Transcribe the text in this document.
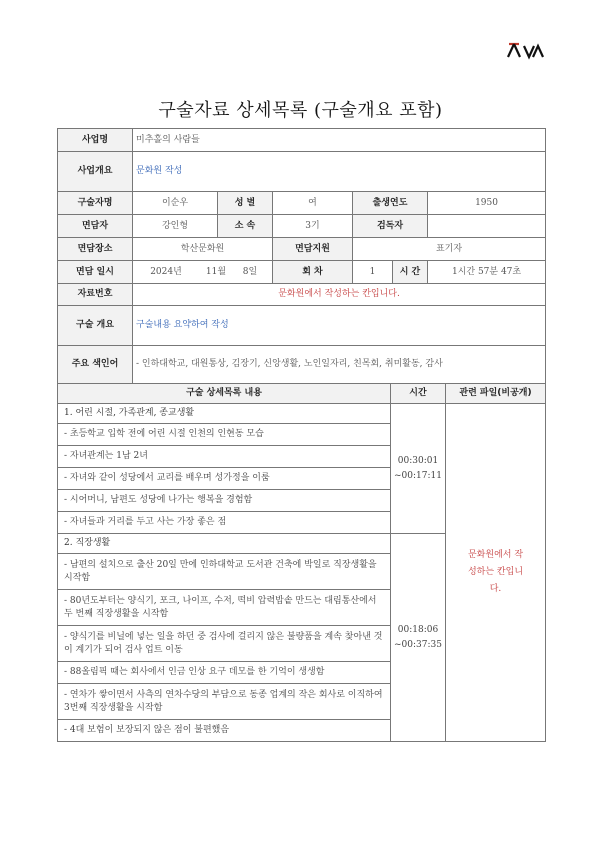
구술자료 상세목록 (구술개요 포함)
사업명	미추홀의 사람들					
사업개요	문화원 작성					
구술자명	이순우	성 별	여	출생연도		1950
면담자	강인형	소 속	3기	검독자		
면담장소	학산문화원		면담지원	표기자		
면담 일시	2024년 11월 8일		회 차	1	시 간	1시간 57분 47초
자료번호	문화원에서 작성하는 칸입니다.					
구술 개요	구술내용 요약하여 작성					
주요 색인어	- 인하대학교, 대원통상, 김장기, 신앙생활, 노인일자리, 친목회, 취미활동, 감사					
구술 상세목록 내용	시간	관련 파일(비공개)
1. 어린 시절, 가족관계, 종교생활	00:30:01 ~00:17:11	문화원에서 작성하는 칸입니다.

- 초등학교 입학 전에 어린 시절 인천의 인현동 모습		
- 자녀관계는 1남 2녀		
- 자녀와 같이 성당에서 교리를 배우며 성가정을 이룸		
- 시어머니, 남편도 성당에 나가는 행복을 경험함		
- 자녀들과 거리를 두고 사는 가장 좋은 점		
2. 직장생활	00:18:06 ~00:37:35	
- 남편의 설치으로 출산 20일 만에 인하대학교 도서관 건축에 박일로 직장생활을 시작함		
- 80년도부터는 양식기, 포크, 나이프, 수저, 떡비 압력밥솥 만드는 대림통산에서 두 번째 직장생활을 시작함		
- 양식기를 비닐에 넣는 일을 하던 중 검사에 걸리지 않은 불량품을 계속 찾아낸 것이 계기가 되어 검사 업트 이동		
- 88올림픽 때는 회사에서 인금 인상 요구 데모를 한 기억이 생생함		
- 연차가 쌓이면서 사측의 연차수당의 부담으로 동종 업계의 작은 회사로 이직하여 3번째 직장생활을 시작함		
- 4대 보험이 보장되지 않은 점이 불편했음		
